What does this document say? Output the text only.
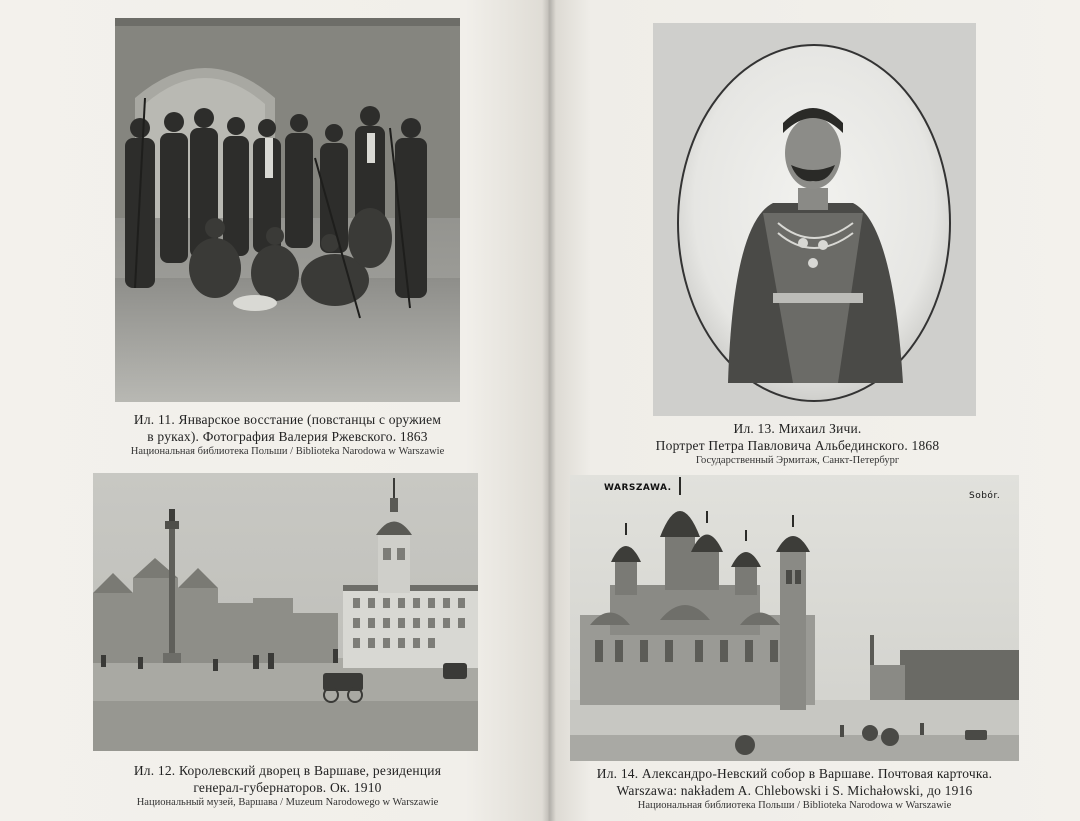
Ил. 11. Январское восстание (повстанцы с оружием
в руках). Фотография Валерия Ржевского. 1863
Национальная библиотека Польши / Biblioteka Narodowa w Warszawie
Ил. 12. Королевский дворец в Варшаве, резиденция
генерал-губернаторов. Ок. 1910
Национальный музей, Варшава / Muzeum Narodowego w Warszawie
Ил. 13. Михаил Зичи.
Портрет Петра Павловича Альбединского. 1868
Государственный Эрмитаж, Санкт-Петербург
WARSZAWA.
Sobór.
Ил. 14. Александро-Невский собор в Варшаве. Почтовая карточка.
Warszawa: nakładem A. Chlebowski i S. Michałowski, до 1916
Национальная библиотека Польши / Biblioteka Narodowa w Warszawie
